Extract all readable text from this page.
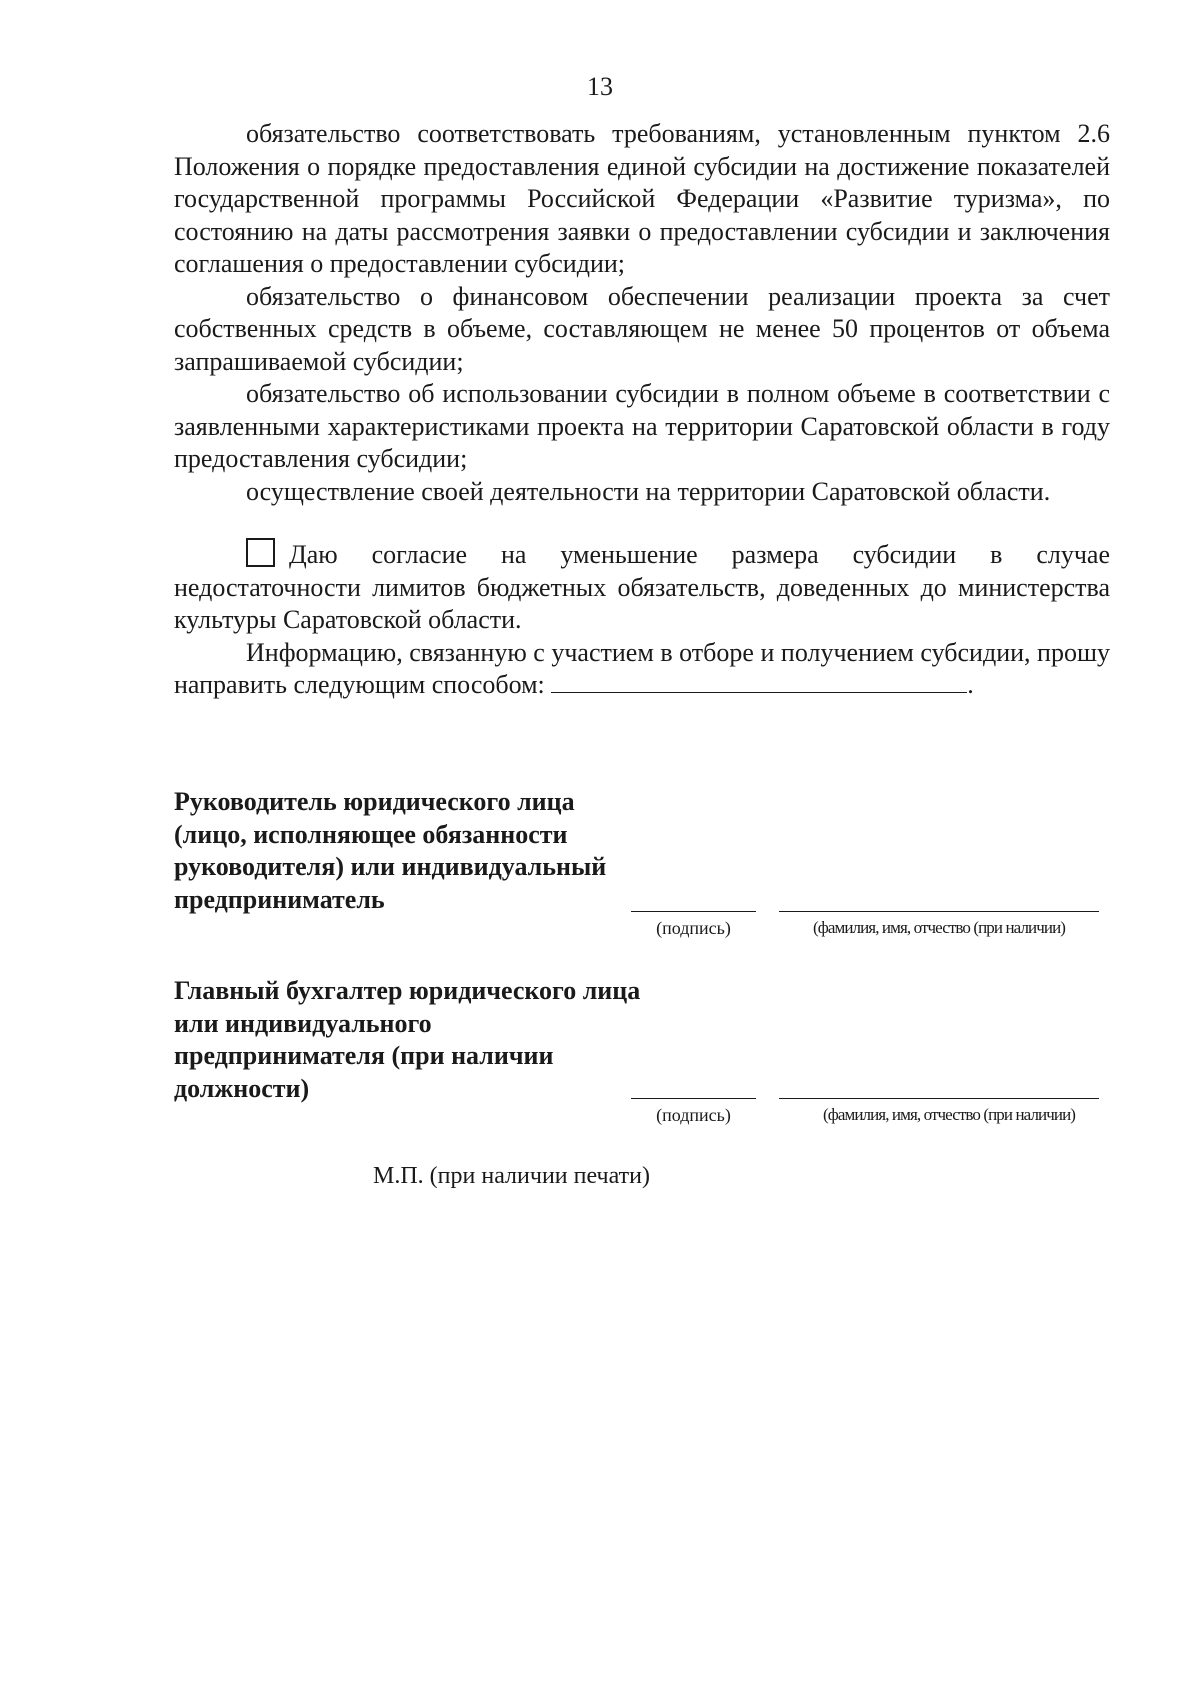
13

обязательство соответствовать требованиям, установленным пунктом 2.6 Положения о порядке предоставления единой субсидии на достижение показателей государственной программы Российской Федерации «Развитие туризма», по состоянию на даты рассмотрения заявки о предоставлении субсидии и заключения соглашения о предоставлении субсидии;

обязательство о финансовом обеспечении реализации проекта за счет собственных средств в объеме, составляющем не менее 50 процентов от объема запрашиваемой субсидии;

обязательство об использовании субсидии в полном объеме в соответствии с заявленными характеристиками проекта на территории Саратовской области в году предоставления субсидии;

осуществление своей деятельности на территории Саратовской области.

Даю согласие на уменьшение размера субсидии в случае недостаточности лимитов бюджетных обязательств, доведенных до министерства культуры Саратовской области.

Информацию, связанную с участием в отборе и получением субсидии, прошу направить следующим способом:	.

Руководитель юридического лица (лицо, исполняющее обязанности руководителя) или индивидуальный предприниматель
(подпись)	(фамилия, имя, отчество (при наличии)
Главный бухгалтер юридического лица или индивидуального предпринимателя (при наличии должности)
(подпись)	(фамилия, имя, отчество (при наличии)
М.П. (при наличии печати)
